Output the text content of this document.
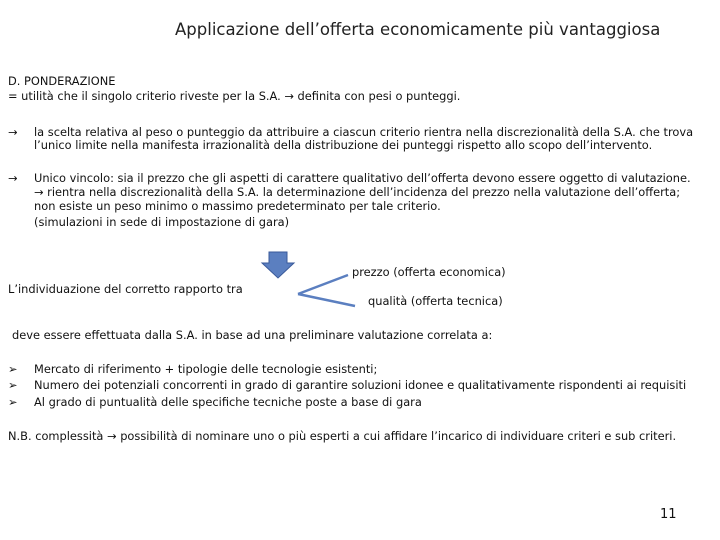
Applicazione dell’offerta economicamente più vantaggiosa
D. PONDERAZIONE
= utilità che il singolo criterio riveste per la S.A. → definita con pesi o punteggi.
→ la scelta relativa al peso o punteggio da attribuire a ciascun criterio rientra nella discrezionalità della S.A. che trova
l’unico limite nella manifesta irrazionalità della distribuzione dei punteggi rispetto allo scopo dell’intervento.
→ Unico vincolo: sia il prezzo che gli aspetti di carattere qualitativo dell’offerta devono essere oggetto di valutazione.
→ rientra nella discrezionalità della S.A. la determinazione dell’incidenza del prezzo nella valutazione dell’offerta;
non esiste un peso minimo o massimo predeterminato per tale criterio.
(simulazioni in sede di impostazione di gara)
prezzo (offerta economica)
L’individuazione del corretto rapporto tra
qualità (offerta tecnica)
deve essere effettuata dalla S.A. in base ad una preliminare valutazione correlata a:
➢ Mercato di riferimento + tipologie delle tecnologie esistenti;
➢ Numero dei potenziali concorrenti in grado di garantire soluzioni idonee e qualitativamente rispondenti ai requisiti
➢ Al grado di puntualità delle specifiche tecniche poste a base di gara
N.B. complessità → possibilità di nominare uno o più esperti a cui affidare l’incarico di individuare criteri e sub criteri.
11
